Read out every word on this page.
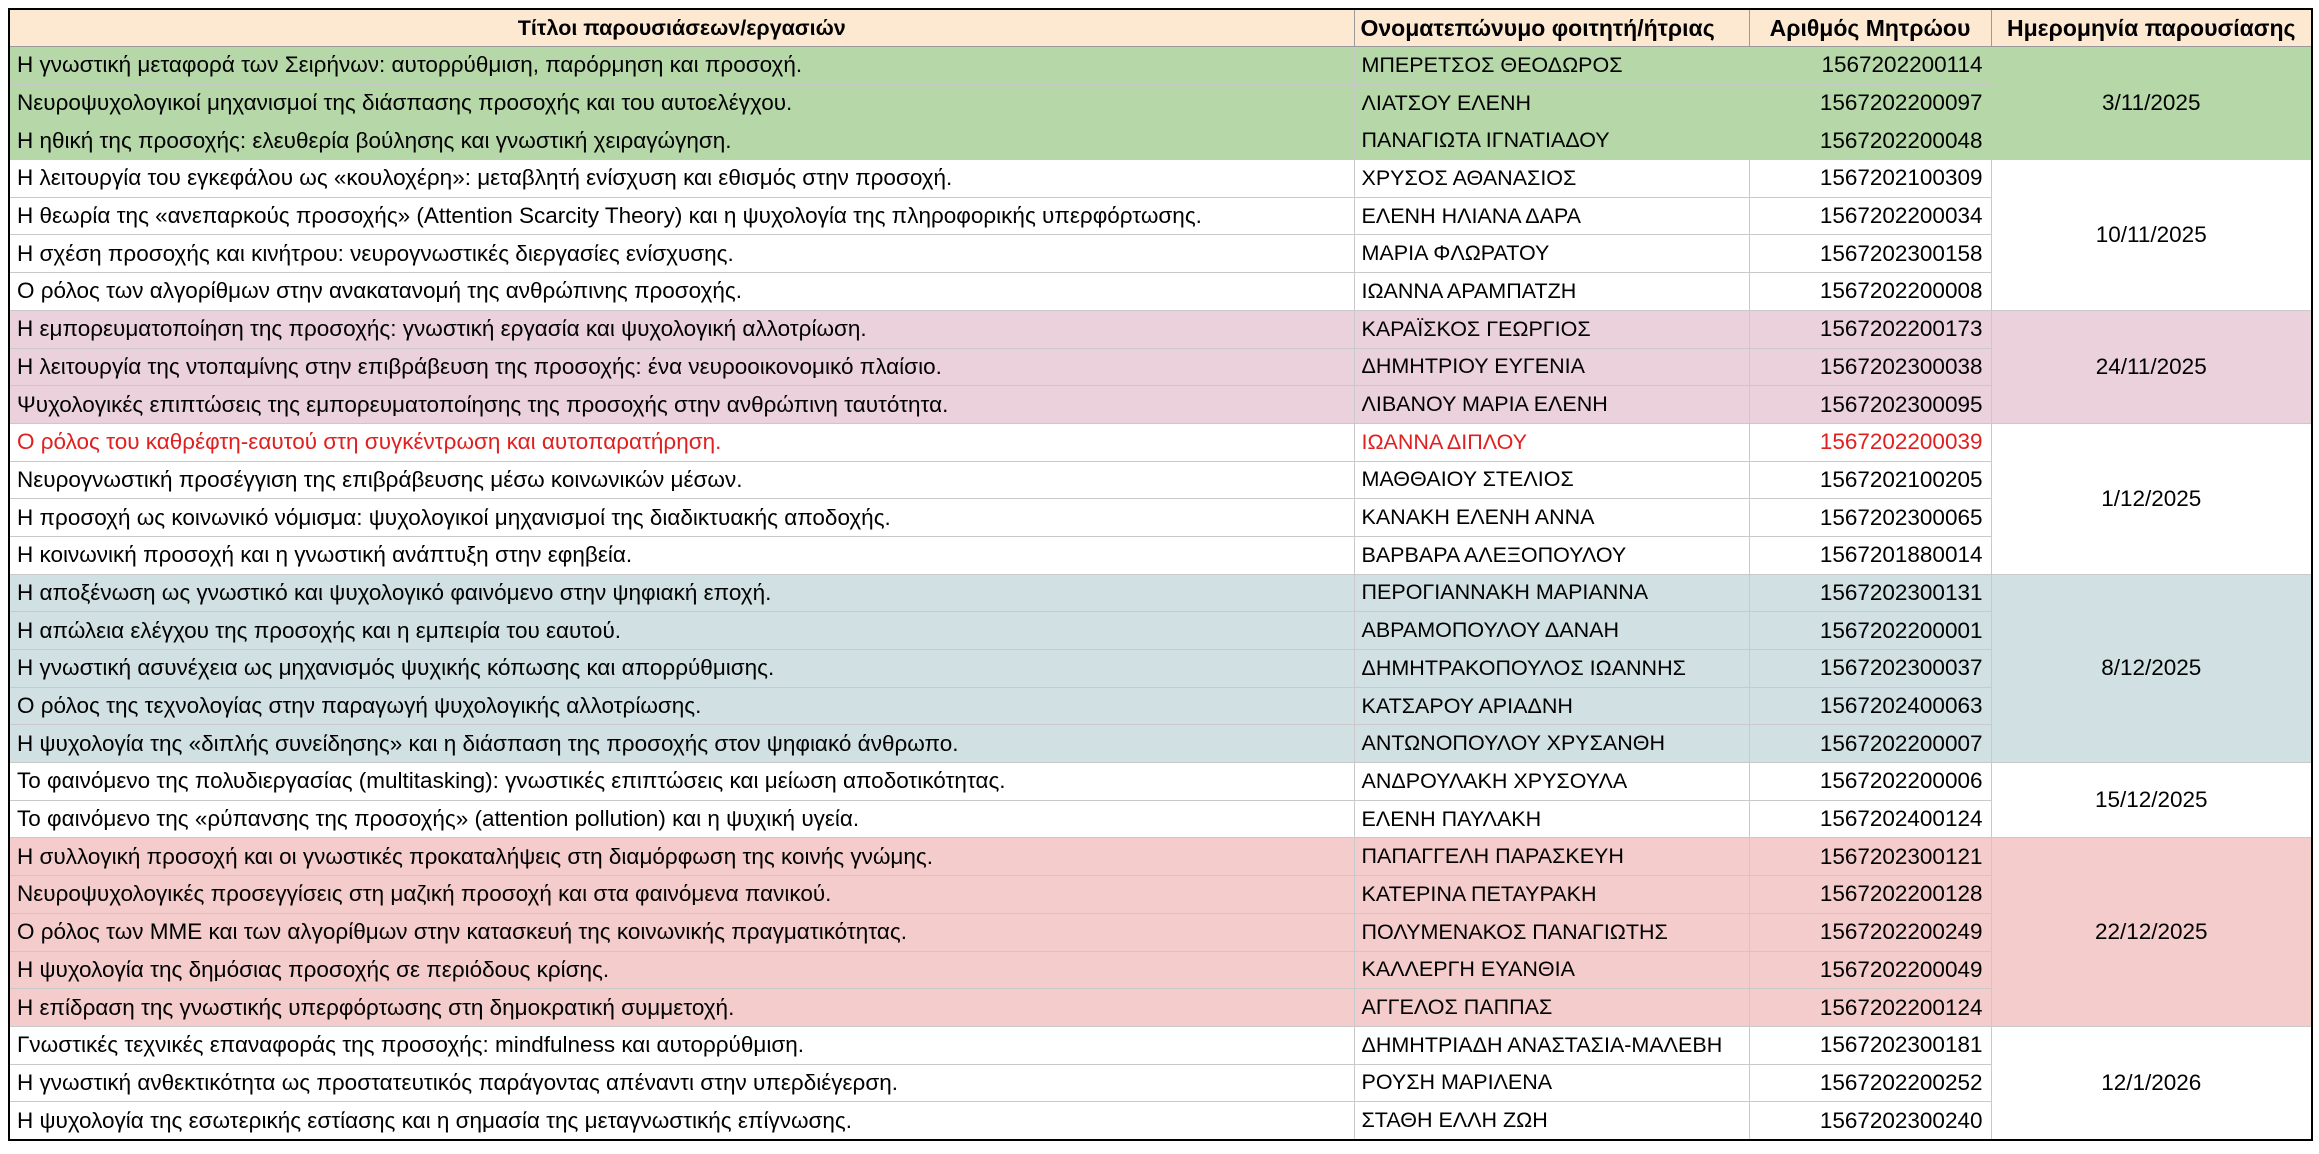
Τίτλοι παρουσιάσεων/εργασιών	Ονοματεπώνυμο φοιτητή/ήτριας	Αριθμός Μητρώου	Ημερομηνία παρουσίασης
Η γνωστική μεταφορά των Σειρήνων: αυτορρύθμιση, παρόρμηση και προσοχή.	ΜΠΕΡΕΤΣΟΣ ΘΕΟΔΩΡΟΣ	1567202200114	3/11/2025
Νευροψυχολογικοί μηχανισμοί της διάσπασης προσοχής και του αυτοελέγχου.	ΛΙΑΤΣΟΥ ΕΛΕΝΗ	1567202200097	
Η ηθική της προσοχής: ελευθερία βούλησης και γνωστική χειραγώγηση.	ΠΑΝΑΓΙΩΤΑ ΙΓΝΑΤΙΑΔΟΥ	1567202200048	
Η λειτουργία του εγκεφάλου ως «κουλοχέρη»: μεταβλητή ενίσχυση και εθισμός στην προσοχή.	ΧΡΥΣΟΣ ΑΘΑΝΑΣΙΟΣ	1567202100309	10/11/2025
Η θεωρία της «ανεπαρκούς προσοχής» (Attention Scarcity Theory) και η ψυχολογία της πληροφορικής υπερφόρτωσης.	ΕΛΕΝΗ ΗΛΙΑΝΑ ΔΑΡΑ	1567202200034	
Η σχέση προσοχής και κινήτρου: νευρογνωστικές διεργασίες ενίσχυσης.	ΜΑΡΙΑ ΦΛΩΡΑΤΟΥ	1567202300158	
Ο ρόλος των αλγορίθμων στην ανακατανομή της ανθρώπινης προσοχής.	ΙΩΑΝΝΑ ΑΡΑΜΠΑΤΖΗ	1567202200008	
Η εμπορευματοποίηση της προσοχής: γνωστική εργασία και ψυχολογική αλλοτρίωση.	ΚΑΡΑΪΣΚΟΣ ΓΕΩΡΓΙΟΣ	1567202200173	24/11/2025
Η λειτουργία της ντοπαμίνης στην επιβράβευση της προσοχής: ένα νευροοικονομικό πλαίσιο.	ΔΗΜΗΤΡΙΟΥ ΕΥΓΕΝΙΑ	1567202300038	
Ψυχολογικές επιπτώσεις της εμπορευματοποίησης της προσοχής στην ανθρώπινη ταυτότητα.	ΛΙΒΑΝΟΥ ΜΑΡΙΑ ΕΛΕΝΗ	1567202300095	
Ο ρόλος του καθρέφτη-εαυτού στη συγκέντρωση και αυτοπαρατήρηση.	ΙΩΑΝΝΑ ΔΙΠΛΟΥ	1567202200039	1/12/2025
Νευρογνωστική προσέγγιση της επιβράβευσης μέσω κοινωνικών μέσων.	ΜΑΘΘΑΙΟΥ ΣΤΕΛΙΟΣ	1567202100205	
Η προσοχή ως κοινωνικό νόμισμα: ψυχολογικοί μηχανισμοί της διαδικτυακής αποδοχής.	ΚΑΝΑΚΗ ΕΛΕΝΗ ΑΝΝΑ	1567202300065	
Η κοινωνική προσοχή και η γνωστική ανάπτυξη στην εφηβεία.	ΒΑΡΒΑΡΑ ΑΛΕΞΟΠΟΥΛΟΥ	1567201880014	
Η αποξένωση ως γνωστικό και ψυχολογικό φαινόμενο στην ψηφιακή εποχή.	ΠΕΡΟΓΙΑΝΝΑΚΗ ΜΑΡΙΑΝΝΑ	1567202300131	8/12/2025
Η απώλεια ελέγχου της προσοχής και η εμπειρία του εαυτού.	ΑΒΡΑΜΟΠΟΥΛΟΥ ΔΑΝΑΗ	1567202200001	
Η γνωστική ασυνέχεια ως μηχανισμός ψυχικής κόπωσης και απορρύθμισης.	ΔΗΜΗΤΡΑΚΟΠΟΥΛΟΣ ΙΩΑΝΝΗΣ	1567202300037	
Ο ρόλος της τεχνολογίας στην παραγωγή ψυχολογικής αλλοτρίωσης.	ΚΑΤΣΑΡΟΥ ΑΡΙΑΔΝΗ	1567202400063	
Η ψυχολογία της «διπλής συνείδησης» και η διάσπαση της προσοχής στον ψηφιακό άνθρωπο.	ΑΝΤΩΝΟΠΟΥΛΟΥ ΧΡΥΣΑΝΘΗ	1567202200007	
Το φαινόμενο της πολυδιεργασίας (multitasking): γνωστικές επιπτώσεις και μείωση αποδοτικότητας.	ΑΝΔΡΟΥΛΑΚΗ ΧΡΥΣΟΥΛΑ	1567202200006	15/12/2025
Το φαινόμενο της «ρύπανσης της προσοχής» (attention pollution) και η ψυχική υγεία.	ΕΛΕΝΗ ΠΑΥΛΑΚΗ	1567202400124	
Η συλλογική προσοχή και οι γνωστικές προκαταλήψεις στη διαμόρφωση της κοινής γνώμης.	ΠΑΠΑΓΓΕΛΗ ΠΑΡΑΣΚΕΥΗ	1567202300121	22/12/2025
Νευροψυχολογικές προσεγγίσεις στη μαζική προσοχή και στα φαινόμενα πανικού.	ΚΑΤΕΡΙΝΑ ΠΕΤΑΥΡΑΚΗ	1567202200128	
Ο ρόλος των ΜΜΕ και των αλγορίθμων στην κατασκευή της κοινωνικής πραγματικότητας.	ΠΟΛΥΜΕΝΑΚΟΣ ΠΑΝΑΓΙΩΤΗΣ	1567202200249	
Η ψυχολογία της δημόσιας προσοχής σε περιόδους κρίσης.	ΚΑΛΛΕΡΓΗ ΕΥΑΝΘΙΑ	1567202200049	
Η επίδραση της γνωστικής υπερφόρτωσης στη δημοκρατική συμμετοχή.	ΑΓΓΕΛΟΣ ΠΑΠΠΑΣ	1567202200124	
Γνωστικές τεχνικές επαναφοράς της προσοχής: mindfulness και αυτορρύθμιση.	ΔΗΜΗΤΡΙΑΔΗ ΑΝΑΣΤΑΣΙΑ-ΜΑΛΕΒΗ	1567202300181	12/1/2026
Η γνωστική ανθεκτικότητα ως προστατευτικός παράγοντας απέναντι στην υπερδιέγερση.	ΡΟΥΣΗ ΜΑΡΙΛΕΝΑ	1567202200252	
Η ψυχολογία της εσωτερικής εστίασης και η σημασία της μεταγνωστικής επίγνωσης.	ΣΤΑΘΗ ΕΛΛΗ ΖΩΗ	1567202300240	
